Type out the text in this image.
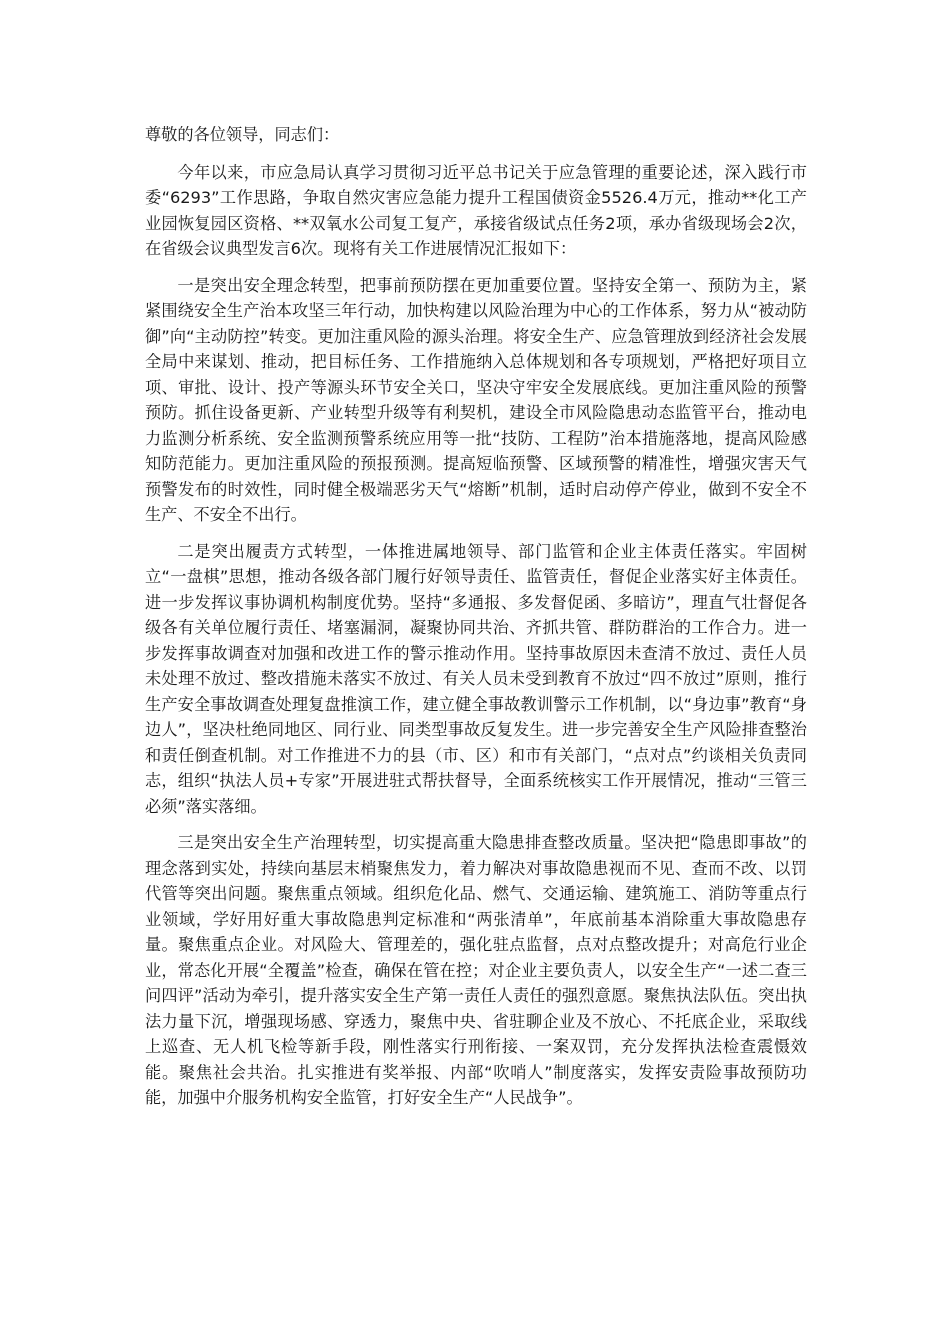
尊敬的各位领导，同志们：

今年以来，市应急局认真学习贯彻习近平总书记关于应急管理的重要论述，深入践行市委“6293”工作思路，争取自然灾害应急能力提升工程国债资金5526.4万元，推动**化工产业园恢复园区资格、**双氧水公司复工复产，承接省级试点任务2项，承办省级现场会2次，在省级会议典型发言6次。现将有关工作进展情况汇报如下：

一是突出安全理念转型，把事前预防摆在更加重要位置。坚持安全第一、预防为主，紧紧围绕安全生产治本攻坚三年行动，加快构建以风险治理为中心的工作体系，努力从“被动防御”向“主动防控”转变。更加注重风险的源头治理。将安全生产、应急管理放到经济社会发展全局中来谋划、推动，把目标任务、工作措施纳入总体规划和各专项规划，严格把好项目立项、审批、设计、投产等源头环节安全关口，坚决守牢安全发展底线。更加注重风险的预警预防。抓住设备更新、产业转型升级等有利契机，建设全市风险隐患动态监管平台，推动电力监测分析系统、安全监测预警系统应用等一批“技防、工程防”治本措施落地，提高风险感知防范能力。更加注重风险的预报预测。提高短临预警、区域预警的精准性，增强灾害天气预警发布的时效性，同时健全极端恶劣天气“熔断”机制，适时启动停产停业，做到不安全不生产、不安全不出行。

二是突出履责方式转型，一体推进属地领导、部门监管和企业主体责任落实。牢固树立“一盘棋”思想，推动各级各部门履行好领导责任、监管责任，督促企业落实好主体责任。进一步发挥议事协调机构制度优势。坚持“多通报、多发督促函、多暗访”，理直气壮督促各级各有关单位履行责任、堵塞漏洞，凝聚协同共治、齐抓共管、群防群治的工作合力。进一步发挥事故调查对加强和改进工作的警示推动作用。坚持事故原因未查清不放过、责任人员未处理不放过、整改措施未落实不放过、有关人员未受到教育不放过“四不放过”原则，推行生产安全事故调查处理复盘推演工作，建立健全事故教训警示工作机制，以“身边事”教育“身边人”，坚决杜绝同地区、同行业、同类型事故反复发生。进一步完善安全生产风险排查整治和责任倒查机制。对工作推进不力的县（市、区）和市有关部门，“点对点”约谈相关负责同志，组织“执法人员+专家”开展进驻式帮扶督导，全面系统核实工作开展情况，推动“三管三必须”落实落细。

三是突出安全生产治理转型，切实提高重大隐患排查整改质量。坚决把“隐患即事故”的理念落到实处，持续向基层末梢聚焦发力，着力解决对事故隐患视而不见、查而不改、以罚代管等突出问题。聚焦重点领域。组织危化品、燃气、交通运输、建筑施工、消防等重点行业领域，学好用好重大事故隐患判定标准和“两张清单”，年底前基本消除重大事故隐患存量。聚焦重点企业。对风险大、管理差的，强化驻点监督，点对点整改提升；对高危行业企业，常态化开展“全覆盖”检查，确保在管在控；对企业主要负责人，以安全生产“一述二查三问四评”活动为牵引，提升落实安全生产第一责任人责任的强烈意愿。聚焦执法队伍。突出执法力量下沉，增强现场感、穿透力，聚焦中央、省驻聊企业及不放心、不托底企业，采取线上巡查、无人机飞检等新手段，刚性落实行刑衔接、一案双罚，充分发挥执法检查震慑效能。聚焦社会共治。扎实推进有奖举报、内部“吹哨人”制度落实，发挥安责险事故预防功能，加强中介服务机构安全监管，打好安全生产“人民战争”。
